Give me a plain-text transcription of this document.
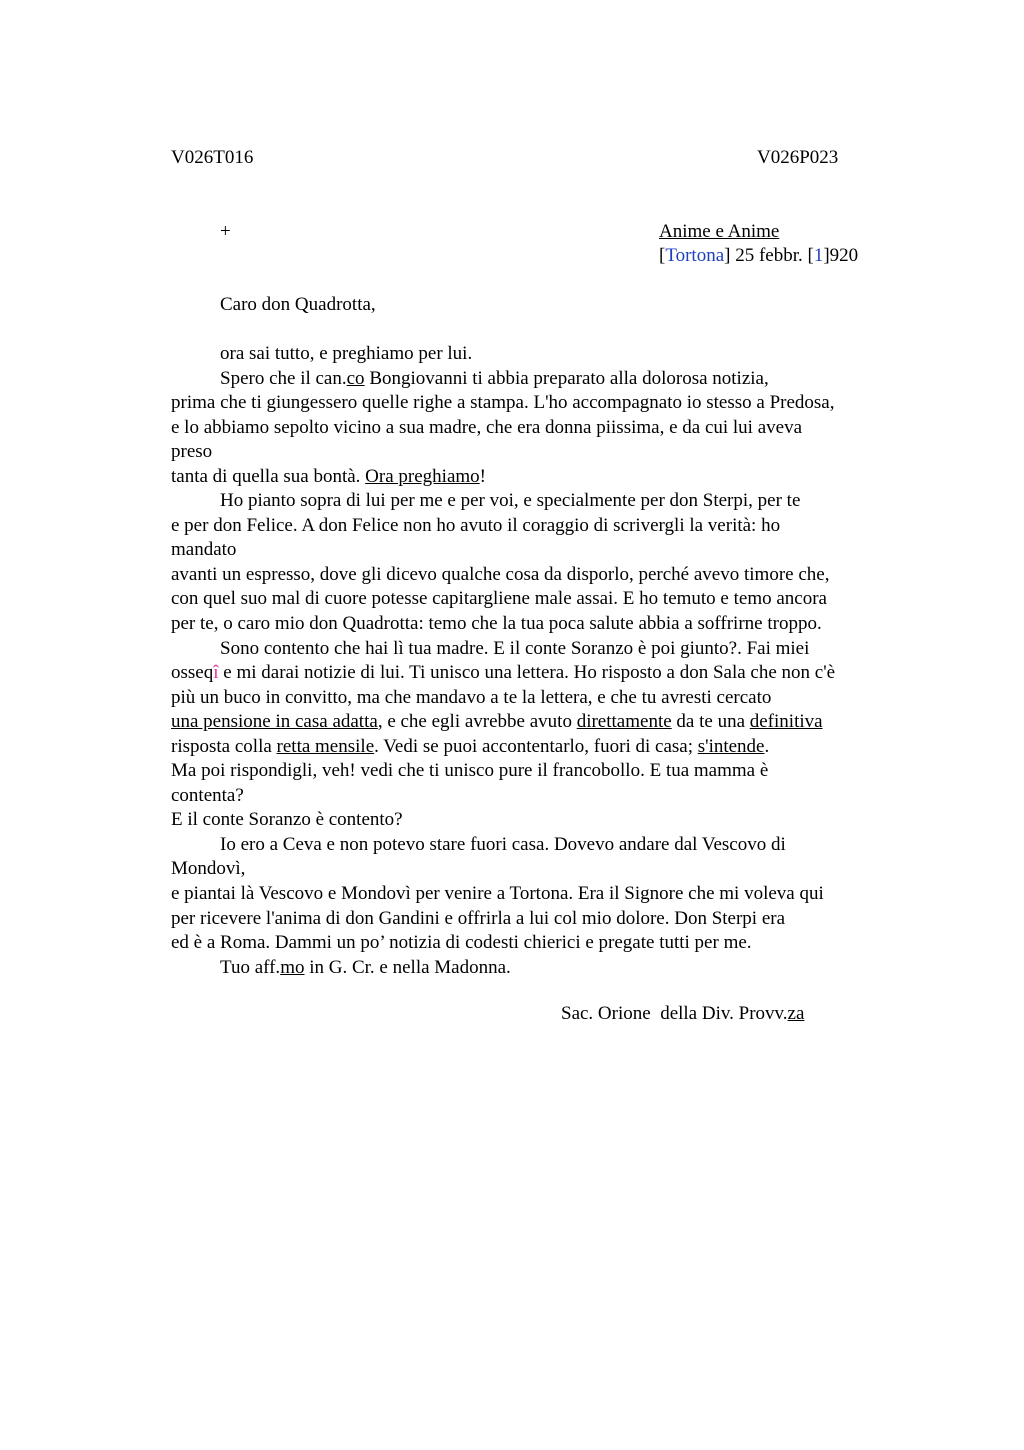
V026T016	V026P023
+	Anime e Anime
[Tortona] 25 febbr. [1]920
Caro don Quadrotta,
ora sai tutto, e preghiamo per lui.
Spero che il can.co Bongiovanni ti abbia preparato alla dolorosa notizia,
prima che ti giungessero quelle righe a stampa. L'ho accompagnato io stesso a Predosa,
e lo abbiamo sepolto vicino a sua madre, che era donna piissima, e da cui lui aveva
preso
tanta di quella sua bontà. Ora preghiamo!
Ho pianto sopra di lui per me e per voi, e specialmente per don Sterpi, per te
e per don Felice. A don Felice non ho avuto il coraggio di scrivergli la verità: ho
mandato
avanti un espresso, dove gli dicevo qualche cosa da disporlo, perché avevo timore che,
con quel suo mal di cuore potesse capitargliene male assai. E ho temuto e temo ancora
per te, o caro mio don Quadrotta: temo che la tua poca salute abbia a soffrirne troppo.
Sono contento che hai lì tua madre. E il conte Soranzo è poi giunto?. Fai miei
osseqî e mi darai notizie di lui. Ti unisco una lettera. Ho risposto a don Sala che non c'è
più un buco in convitto, ma che mandavo a te la lettera, e che tu avresti cercato
una pensione in casa adatta, e che egli avrebbe avuto direttamente da te una definitiva
risposta colla retta mensile. Vedi se puoi accontentarlo, fuori di casa; s'intende.
Ma poi rispondigli, veh! vedi che ti unisco pure il francobollo. E tua mamma è
contenta?
E il conte Soranzo è contento?
Io ero a Ceva e non potevo stare fuori casa. Dovevo andare dal Vescovo di
Mondovì,
e piantai là Vescovo e Mondovì per venire a Tortona. Era il Signore che mi voleva qui
per ricevere l'anima di don Gandini e offrirla a lui col mio dolore. Don Sterpi era
ed è a Roma. Dammi un po’ notizia di codesti chierici e pregate tutti per me.
Tuo aff.mo in G. Cr. e nella Madonna.
Sac. Orione  della Div. Provv.za
